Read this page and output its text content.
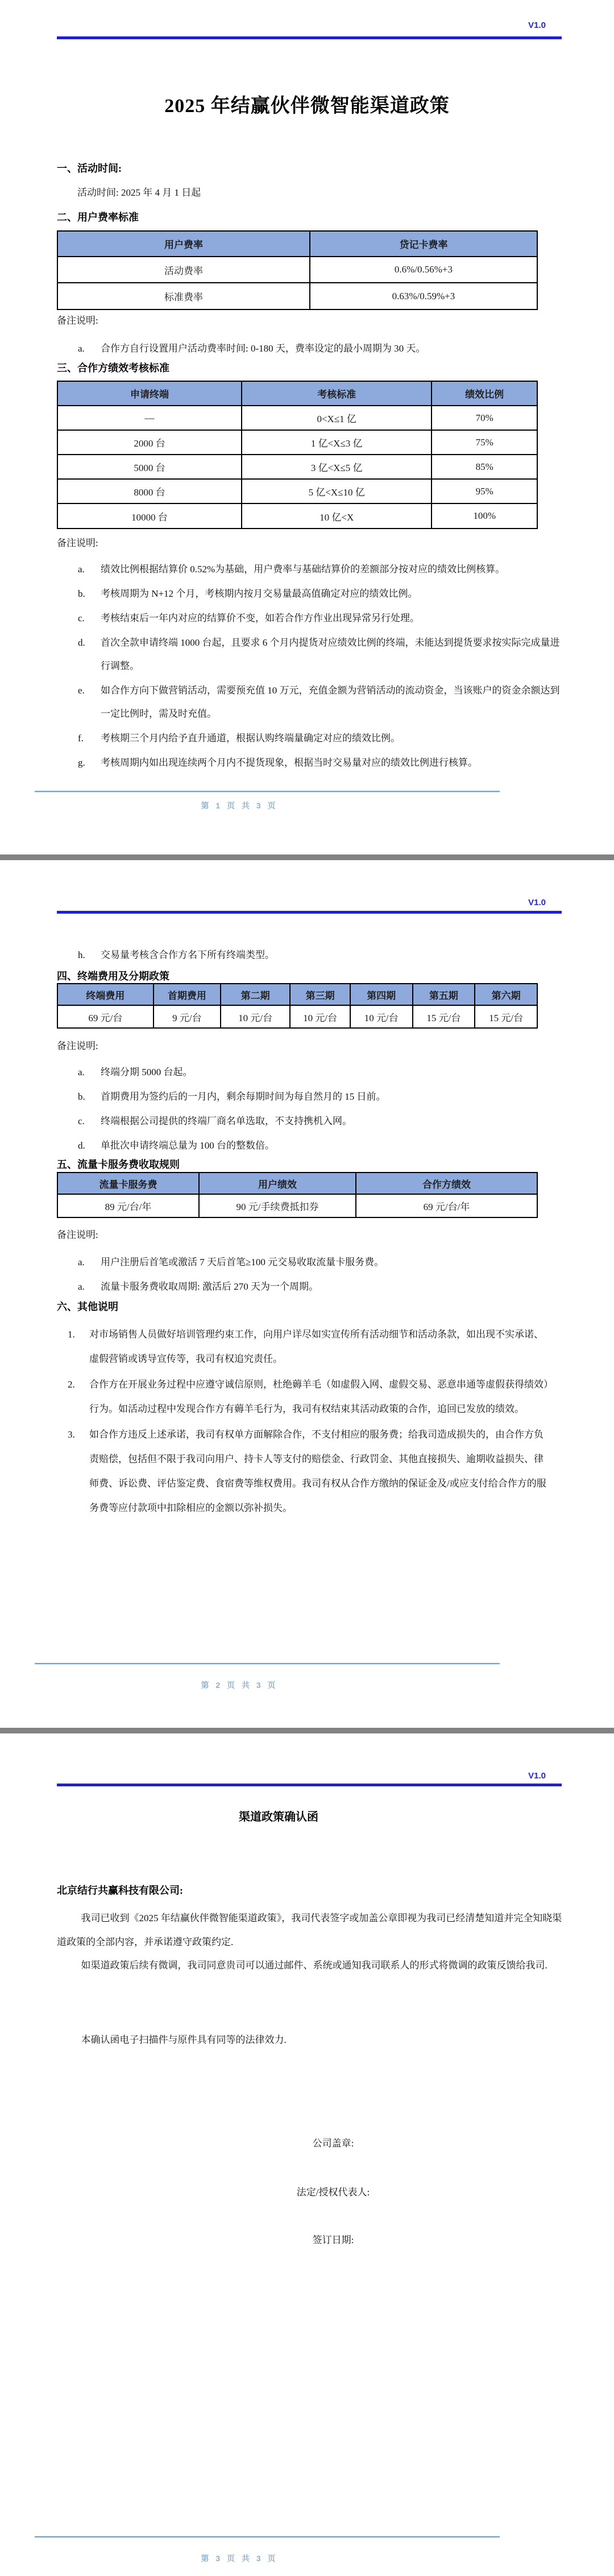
V1.0
2025 年结赢伙伴微智能渠道政策
一、活动时间:
活动时间: 2025 年 4 月 1 日起
二、用户费率标准
用户费率	贷记卡费率
活动费率	0.6%/0.56%+3
标准费率	0.63%/0.59%+3
备注说明:
a.	合作方自行设置用户活动费率时间: 0-180 天，费率设定的最小周期为 30 天。
三、合作方绩效考核标准
申请终端	考核标准	绩效比例
—	0<X≤1 亿	70%
2000 台	1 亿<X≤3 亿	75%
5000 台	3 亿<X≤5 亿	85%
8000 台	5 亿<X≤10 亿	95%
10000 台	10 亿<X	100%
备注说明:
a.	绩效比例根据结算价 0.52%为基础，用户费率与基础结算价的差额部分按对应的绩效比例核算。
b.	考核周期为 N+12 个月，考核期内按月交易量最高值确定对应的绩效比例。
c.	考核结束后一年内对应的结算价不变，如若合作方作业出现异常另行处理。
d.	首次全款申请终端 1000 台起，且要求 6 个月内提货对应绩效比例的终端，未能达到提货要求按实际完成量进行调整。
e.	如合作方向下做营销活动，需要预充值 10 万元，充值金额为营销活动的流动资金，当该账户的资金余额达到一定比例时，需及时充值。
f.	考核期三个月内给予直升通道，根据认购终端量确定对应的绩效比例。
g.	考核周期内如出现连续两个月内不提货现象，根据当时交易量对应的绩效比例进行核算。
第 1 页 共 3 页
V1.0
h.	交易量考核含合作方名下所有终端类型。
四、终端费用及分期政策
终端费用	首期费用	第二期	第三期	第四期	第五期	第六期
69 元/台	9 元/台	10 元/台	10 元/台	10 元/台	15 元/台	15 元/台
备注说明:
a.	终端分期 5000 台起。
b.	首期费用为签约后的一月内，剩余每期时间为每自然月的 15 日前。
c.	终端根据公司提供的终端厂商名单选取，不支持携机入网。
d.	单批次申请终端总量为 100 台的整数倍。
五、流量卡服务费收取规则
流量卡服务费	用户绩效	合作方绩效
89 元/台/年	90 元/手续费抵扣券	69 元/台/年
备注说明:
a.	用户注册后首笔或激活 7 天后首笔≥100 元交易收取流量卡服务费。
a.	流量卡服务费收取周期: 激活后 270 天为一个周期。
六、其他说明
1.	对市场销售人员做好培训管理约束工作，向用户详尽如实宣传所有活动细节和活动条款，如出现不实承诺、虚假营销或诱导宣传等，我司有权追究责任。
2.	合作方在开展业务过程中应遵守诚信原则，杜绝薅羊毛（如虚假入网、虚假交易、恶意串通等虚假获得绩效）行为。如活动过程中发现合作方有薅羊毛行为，我司有权结束其活动政策的合作，追回已发放的绩效。
3.	如合作方违反上述承诺，我司有权单方面解除合作，不支付相应的服务费；给我司造成损失的，由合作方负责赔偿，包括但不限于我司向用户、持卡人等支付的赔偿金、行政罚金、其他直接损失、逾期收益损失、律师费、诉讼费、评估鉴定费、食宿费等维权费用。我司有权从合作方缴纳的保证金及/或应支付给合作方的服务费等应付款项中扣除相应的金额以弥补损失。
第 2 页 共 3 页
V1.0
渠道政策确认函
北京结行共赢科技有限公司:
我司已收到《2025 年结赢伙伴微智能渠道政策》，我司代表签字或加盖公章即视为我司已经清楚知道并完全知晓渠道政策的全部内容，并承诺遵守政策约定.
如渠道政策后续有微调，我司同意贵司可以通过邮件、系统或通知我司联系人的形式将微调的政策反馈给我司.
本确认函电子扫描件与原件具有同等的法律效力.
公司盖章:
法定/授权代表人:
签订日期:
第 3 页 共 3 页
